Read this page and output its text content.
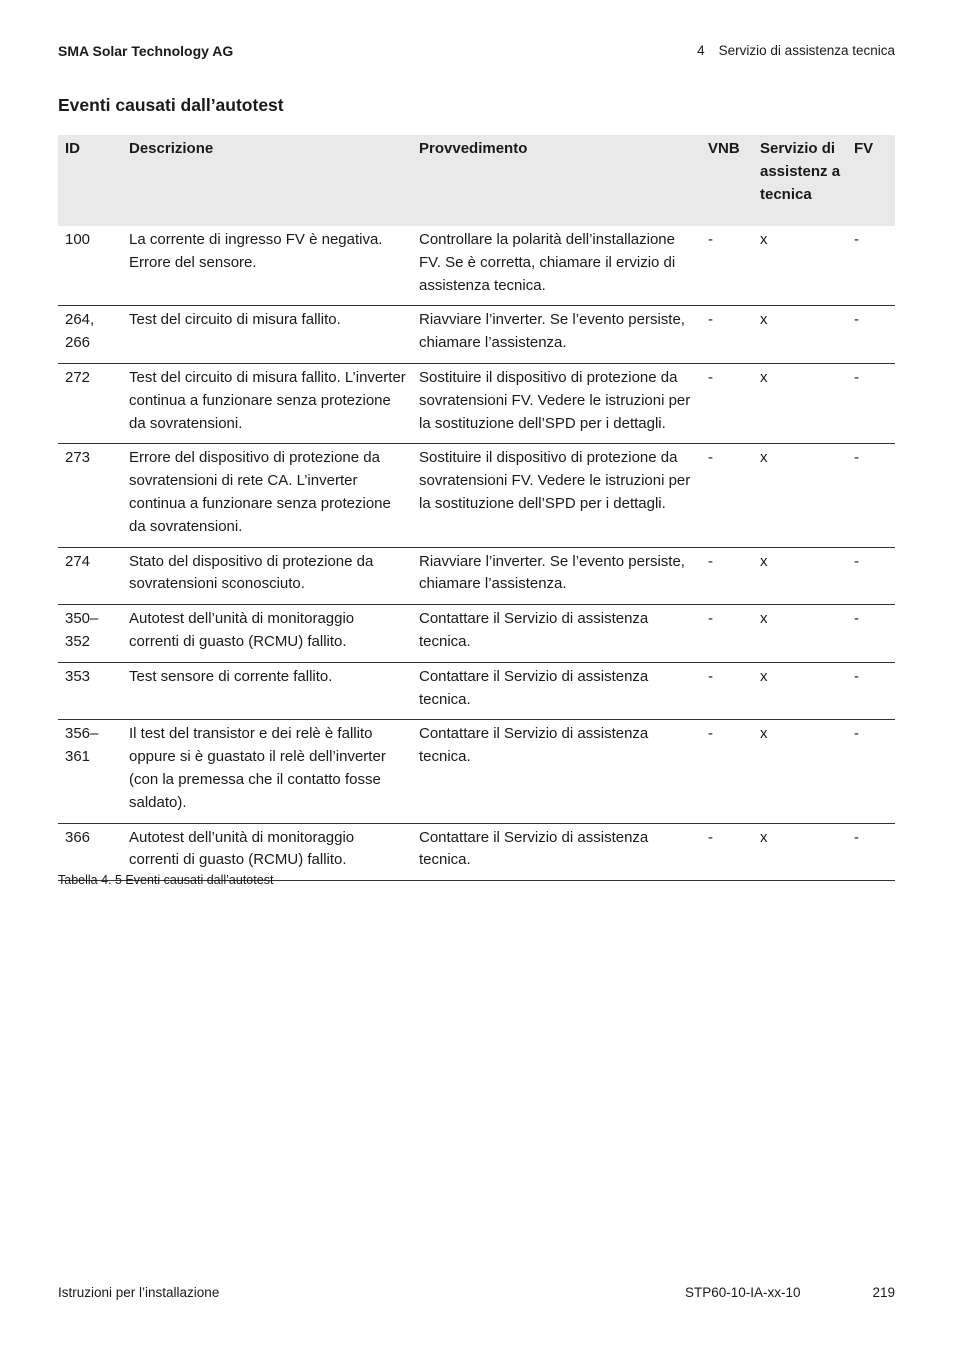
SMA Solar Technology AG	4 Servizio di assistenza tecnica
Eventi causati dall’autotest
ID	Descrizione	Provvedimento	VNB	Servizio di assistenz a tecnica	FV
100	La corrente di ingresso FV è negativa. Errore del sensore.	Controllare la polarità dell’installazione FV. Se è corretta, chiamare il ervizio di assistenza tecnica.	-	x	-
264, 266	Test del circuito di misura fallito.	Riavviare l’inverter. Se l’evento persiste, chiamare l’assistenza.	-	x	-
272	Test del circuito di misura fallito. L’inverter continua a funzionare senza protezione da sovratensioni.	Sostituire il dispositivo di protezione da sovratensioni FV. Vedere le istruzioni per la sostituzione dell’SPD per i dettagli.	-	x	-
273	Errore del dispositivo di protezione da sovratensioni di rete CA. L’inverter continua a funzionare senza protezione da sovratensioni.	Sostituire il dispositivo di protezione da sovratensioni FV. Vedere le istruzioni per la sostituzione dell’SPD per i dettagli.	-	x	-
274	Stato del dispositivo di protezione da sovratensioni sconosciuto.	Riavviare l’inverter. Se l’evento persiste, chiamare l’assistenza.	-	x	-
350–352	Autotest dell’unità di monitoraggio correnti di guasto (RCMU) fallito.	Contattare il Servizio di assistenza tecnica.	-	x	-
353	Test sensore di corrente fallito.	Contattare il Servizio di assistenza tecnica.	-	x	-
356–361	Il test del transistor e dei relè è fallito oppure si è guastato il relè dell’inverter (con la premessa che il contatto fosse saldato).	Contattare il Servizio di assistenza tecnica.	-	x	-
366	Autotest dell’unità di monitoraggio correnti di guasto (RCMU) fallito.	Contattare il Servizio di assistenza tecnica.	-	x	-
Tabella 4. 5 Eventi causati dall’autotest
Istruzioni per l’installazione	STP60-10-IA-xx-10	219
